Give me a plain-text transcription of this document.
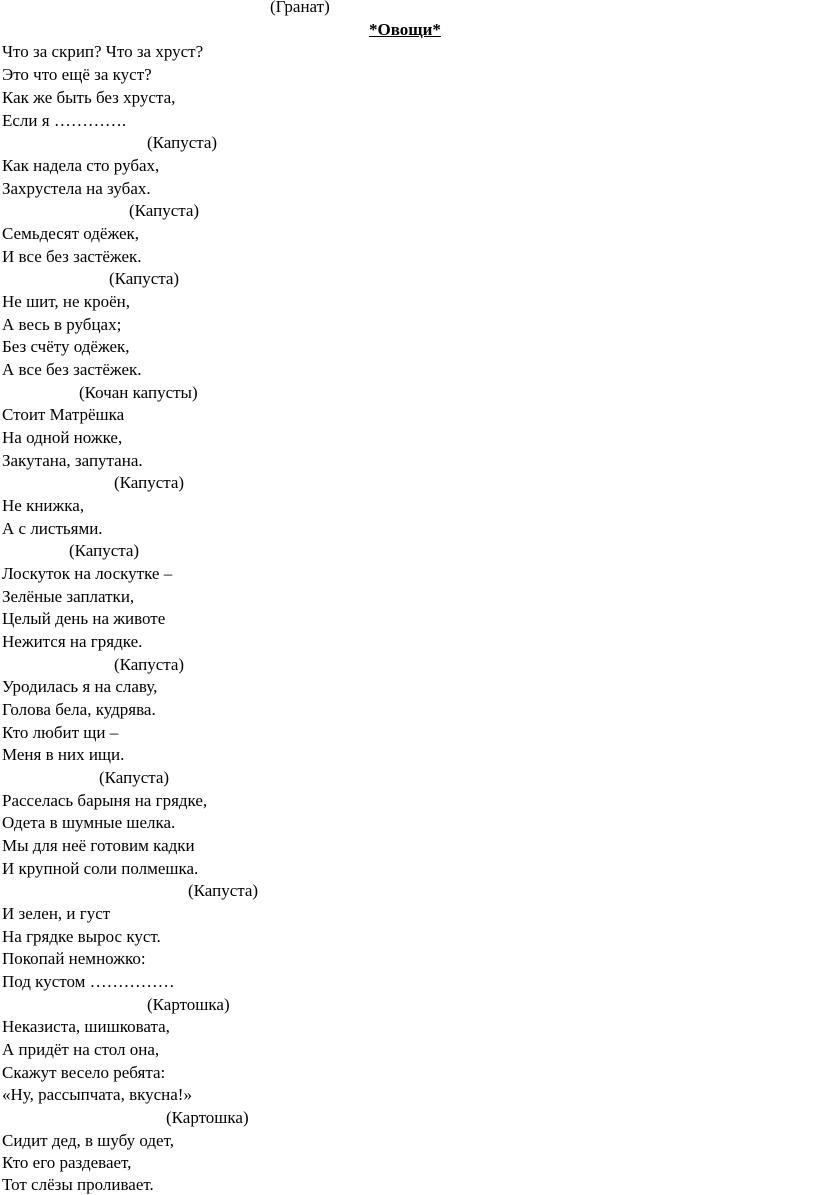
(Гранат)
*Овощи*
Что за скрип? Что за хруст?
Это что ещё за куст?
Как же быть без хруста,
Если я ………….
(Капуста)
Как надела сто рубах,
Захрустела на зубах.
(Капуста)
Семьдесят одёжек,
И все без застёжек.
(Капуста)
Не шит, не кроён,
А весь в рубцах;
Без счёту одёжек,
А все без застёжек.
(Кочан капусты)
Стоит Матрёшка
На одной ножке,
Закутана, запутана.
(Капуста)
Не книжка,
А с листьями.
(Капуста)
Лоскуток на лоскутке –
Зелёные заплатки,
Целый день на животе
Нежится на грядке.
(Капуста)
Уродилась я на славу,
Голова бела, кудрява.
Кто любит щи –
Меня в них ищи.
(Капуста)
Расселась барыня на грядке,
Одета в шумные шелка.
Мы для неё готовим кадки
И крупной соли полмешка.
(Капуста)
И зелен, и густ
На грядке вырос куст.
Покопай немножко:
Под кустом ……………
(Картошка)
Неказиста, шишковата,
А придёт на стол она,
Скажут весело ребята:
«Ну, рассыпчата, вкусна!»
(Картошка)
Сидит дед, в шубу одет,
Кто его раздевает,
Тот слёзы проливает.
